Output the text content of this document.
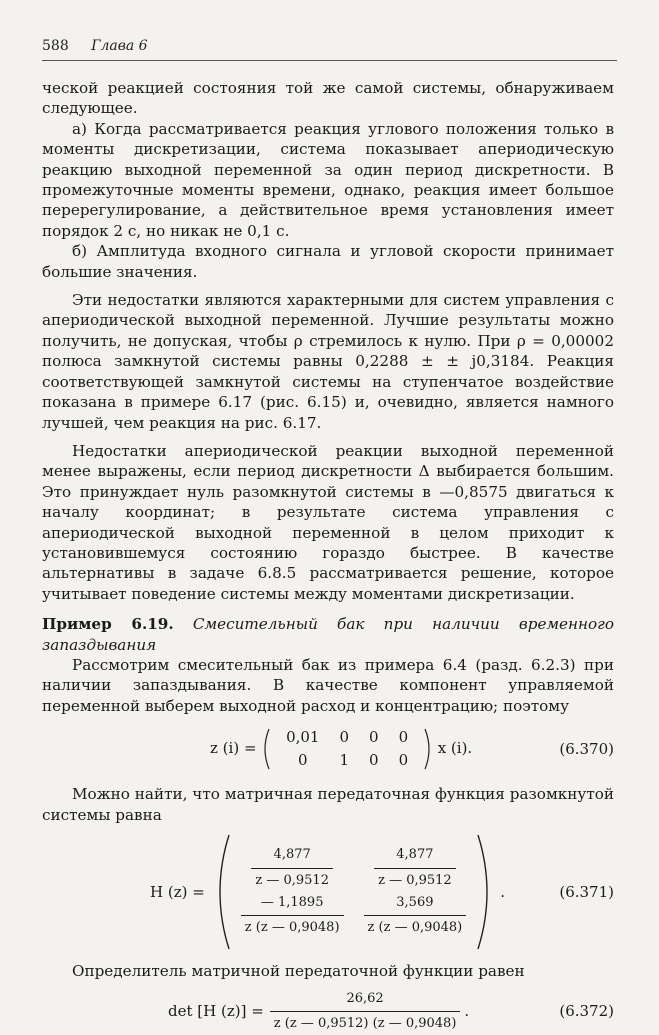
588 Глава 6

ческой реакцией состояния той же самой системы, обнаруживаем следующее.

а) Когда рассматривается реакция углового положения только в моменты дискретизации, система показывает апериодическую реакцию выходной переменной за один период дискретности. В промежуточные моменты времени, однако, реакция имеет большое перерегулирование, а действительное время установления имеет порядок 2 с, но никак не 0,1 с.

б) Амплитуда входного сигнала и угловой скорости принимает большие значения.

Эти недостатки являются характерными для систем управления с апериодической выходной переменной. Лучшие результаты можно получить, не допуская, чтобы ρ стремилось к нулю. При ρ = 0,00002 полюса замкнутой системы равны 0,2288 ± ± j0,3184. Реакция соответствующей замкнутой системы на ступенчатое воздействие показана в примере 6.17 (рис. 6.15) и, очевидно, является намного лучшей, чем реакция на рис. 6.17.

Недостатки апериодической реакции выходной переменной менее выражены, если период дискретности Δ выбирается большим. Это принуждает нуль разомкнутой системы в —0,8575 двигаться к началу координат; в результате система управления с апериодической выходной переменной в целом приходит к установившемуся состоянию гораздо быстрее. В качестве альтернативы в задаче 6.8.5 рассматривается решение, которое учитывает поведение системы между моментами дискретизации.

Пример 6.19. Смесительный бак при наличии временного запаздывания

Рассмотрим смесительный бак из примера 6.4 (разд. 6.2.3) при наличии запаздывания. В качестве компонент управляемой переменной выберем выходной расход и концентрацию; поэтому

z (i) =  0,01	0	0	0
0	1	0	0  x (i).	(6.370)

Можно найти, что матричная передаточная функция разомкнутой системы равна

H (z) =
$\frac{4,877}{z — 0,9512}$	$\frac{4,877}{z — 0,9512}$

$\frac{— 1,1895}{z (z — 0,9048)}$	$\frac{3,569}{z (z — 0,9048)}$
.	(6.371)

Определитель матричной передаточной функции равен

det [H $(z)] = \frac{26,62}{z (z — 0,9512) (z — 0,9048)}$ .	(6.372)
